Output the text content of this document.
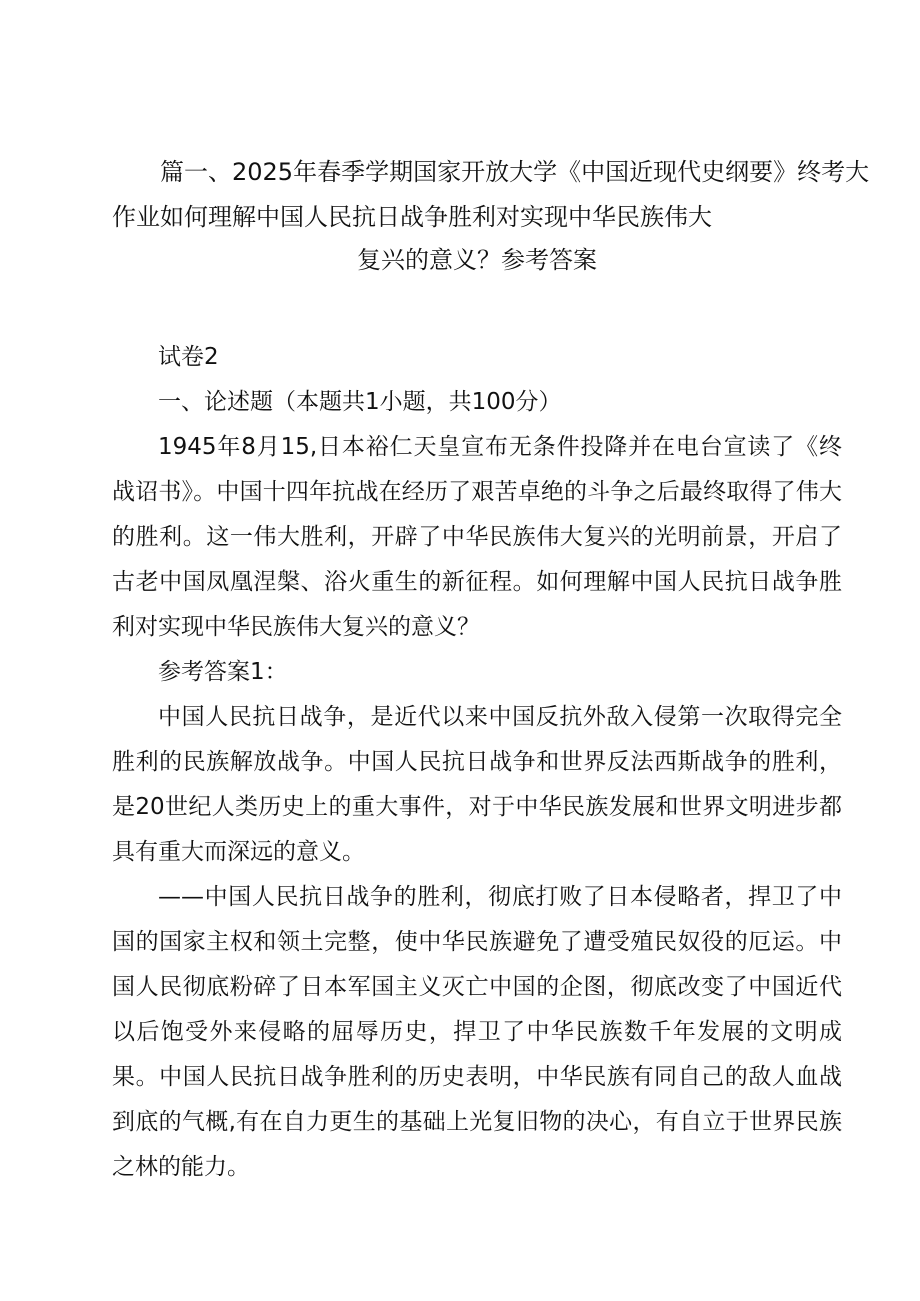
篇一、2025年春季学期国家开放大学《中国近现代史纲要》终考大
作业如何理解中国人民抗日战争胜利对实现中华民族伟大
复兴的意义？参考答案

试卷2

一、论述题（本题共1小题，共100分）

1945年8月15,日本裕仁天皇宣布无条件投降并在电台宣读了《终战诏书》。中国十四年抗战在经历了艰苦卓绝的斗争之后最终取得了伟大的胜利。这一伟大胜利，开辟了中华民族伟大复兴的光明前景，开启了古老中国凤凰涅槃、浴火重生的新征程。如何理解中国人民抗日战争胜利对实现中华民族伟大复兴的意义？

参考答案1：

中国人民抗日战争，是近代以来中国反抗外敌入侵第一次取得完全胜利的民族解放战争。中国人民抗日战争和世界反法西斯战争的胜利，是20世纪人类历史上的重大事件，对于中华民族发展和世界文明进步都具有重大而深远的意义。

——中国人民抗日战争的胜利，彻底打败了日本侵略者，捍卫了中国的国家主权和领土完整，使中华民族避免了遭受殖民奴役的厄运。中国人民彻底粉碎了日本军国主义灭亡中国的企图，彻底改变了中国近代以后饱受外来侵略的屈辱历史，捍卫了中华民族数千年发展的文明成果。中国人民抗日战争胜利的历史表明，中华民族有同自己的敌人血战到底的气概,有在自力更生的基础上光复旧物的决心，有自立于世界民族之林的能力。
